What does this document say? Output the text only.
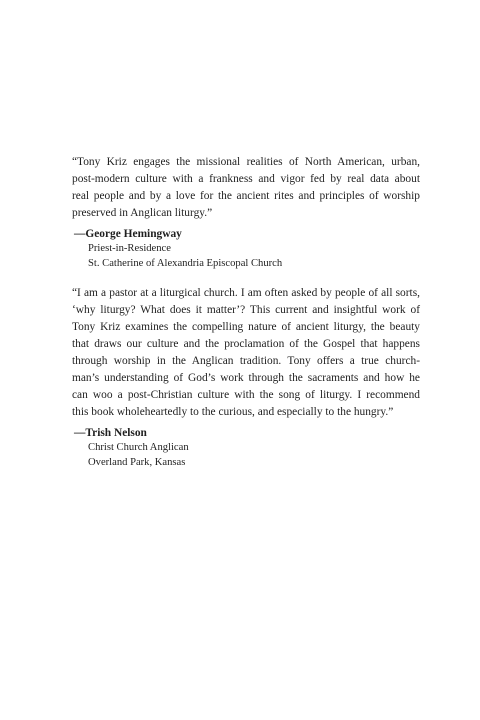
“Tony Kriz engages the missional realities of North American, urban,
post-modern culture with a frankness and vigor fed by real data about
real people and by a love for the ancient rites and principles of worship
preserved in Anglican liturgy.”

—George Hemingway
Priest-in-Residence
St. Catherine of Alexandria Episcopal Church

“I am a pastor at a liturgical church. I am often asked by people of all sorts,
‘why liturgy? What does it matter’? This current and insightful work of
Tony Kriz examines the compelling nature of ancient liturgy, the beauty
that draws our culture and the proclamation of the Gospel that happens
through worship in the Anglican tradition. Tony offers a true church-
man’s understanding of God’s work through the sacraments and how he
can woo a post-Christian culture with the song of liturgy. I recommend
this book wholeheartedly to the curious, and especially to the hungry.”

—Trish Nelson
Christ Church Anglican
Overland Park, Kansas
